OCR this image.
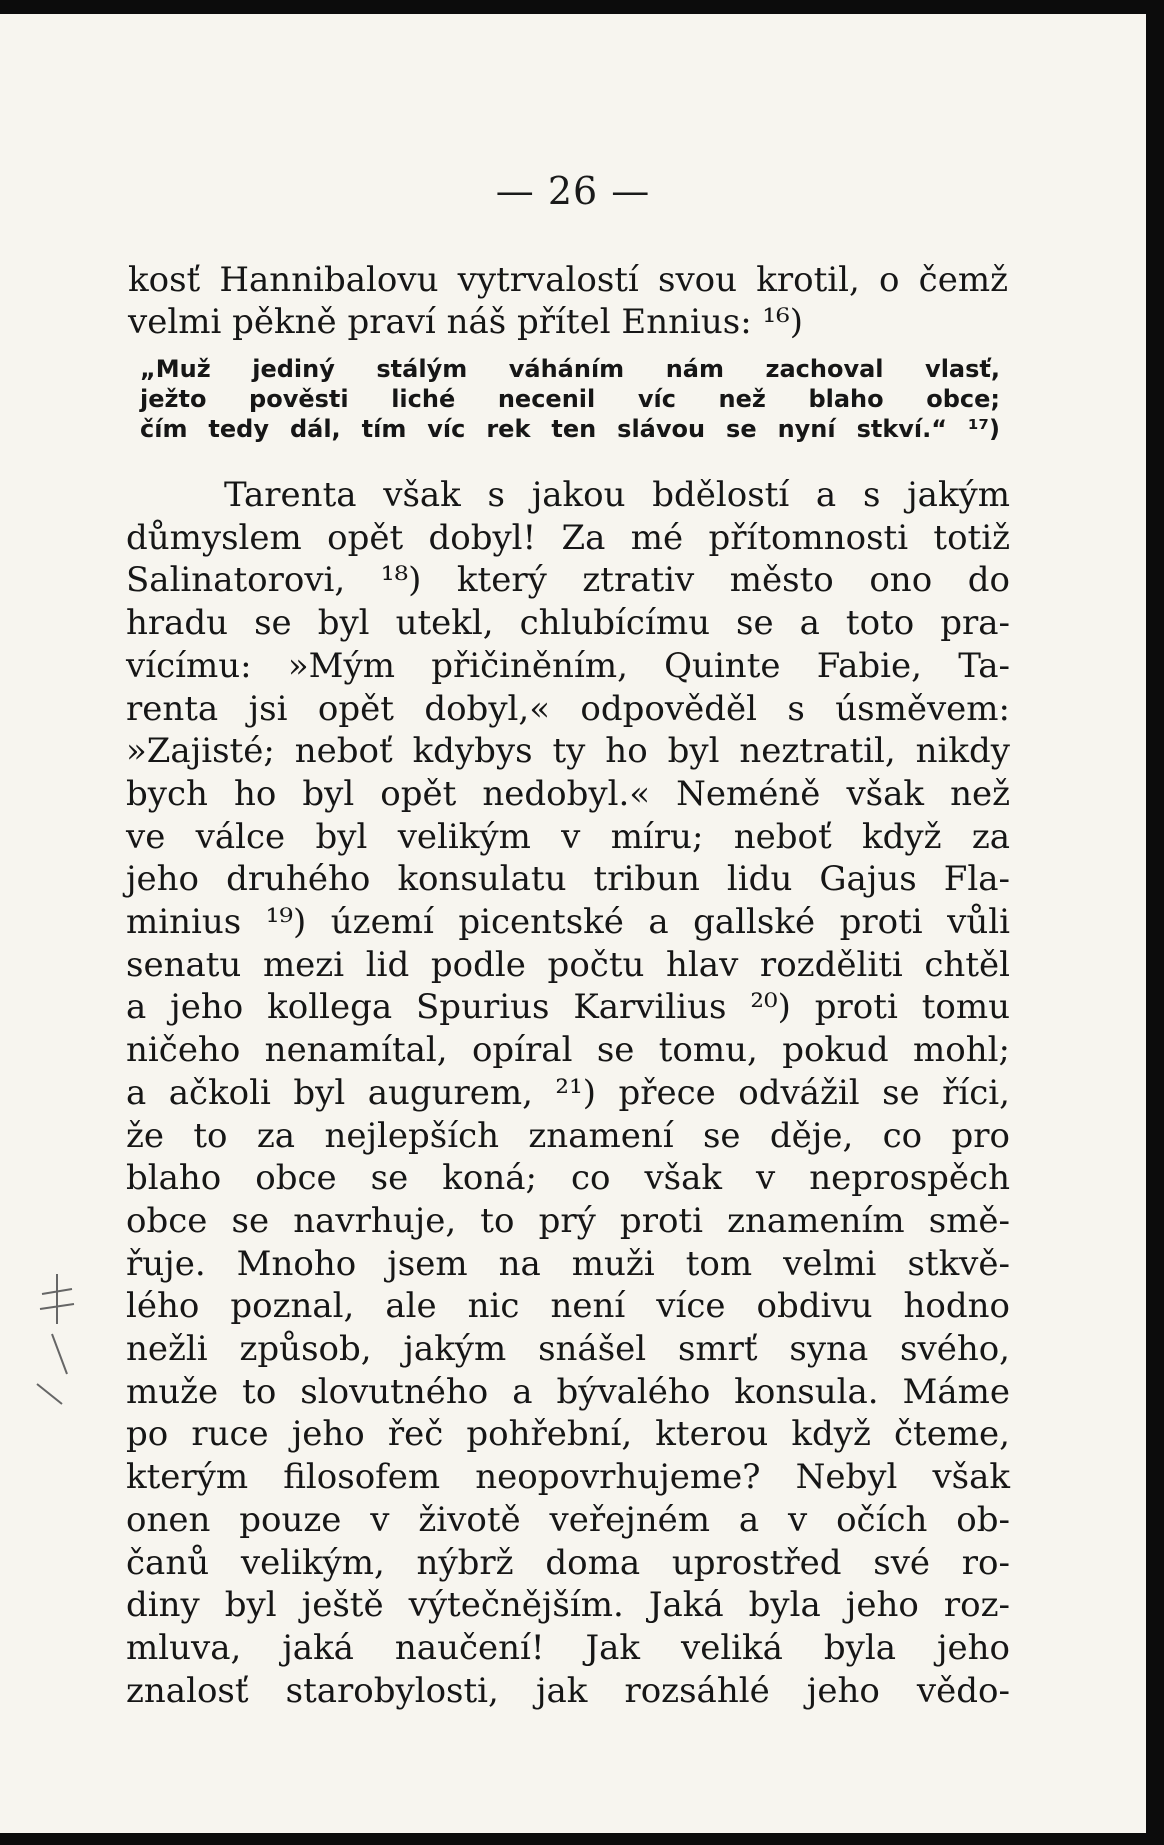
— 26 —
kosť Hannibalovu vytrvalostí svou krotil, o čemž
velmi pěkně praví náš přítel Ennius: ¹⁶)
„Muž jediný stálým váháním nám zachoval vlasť,
ježto pověsti liché necenil víc než blaho obce;
čím tedy dál, tím víc rek ten slávou se nyní stkví.“ ¹⁷)
Tarenta však s jakou bdělostí a s jakým
důmyslem opět dobyl! Za mé přítomnosti totiž
Salinatorovi, ¹⁸) který ztrativ město ono do
hradu se byl utekl, chlubícímu se a toto pra-
vícímu: »Mým přičiněním, Quinte Fabie, Ta-
renta jsi opět dobyl,« odpověděl s úsměvem:
»Zajisté; neboť kdybys ty ho byl neztratil, nikdy
bych ho byl opět nedobyl.« Neméně však než
ve válce byl velikým v míru; neboť když za
jeho druhého konsulatu tribun lidu Gajus Fla-
minius ¹⁹) území picentské a gallské proti vůli
senatu mezi lid podle počtu hlav rozděliti chtěl
a jeho kollega Spurius Karvilius ²⁰) proti tomu
ničeho nenamítal, opíral se tomu, pokud mohl;
a ačkoli byl augurem, ²¹) přece odvážil se říci,
že to za nejlepších znamení se děje, co pro
blaho obce se koná; co však v neprospěch
obce se navrhuje, to prý proti znamením smě-
řuje. Mnoho jsem na muži tom velmi stkvě-
lého poznal, ale nic není více obdivu hodno
nežli způsob, jakým snášel smrť syna svého,
muže to slovutného a bývalého konsula. Máme
po ruce jeho řeč pohřební, kterou když čteme,
kterým filosofem neopovrhujeme? Nebyl však
onen pouze v životě veřejném a v očích ob-
čanů velikým, nýbrž doma uprostřed své ro-
diny byl ještě výtečnějším. Jaká byla jeho roz-
mluva, jaká naučení! Jak veliká byla jeho
znalosť starobylosti, jak rozsáhlé jeho vědo-
